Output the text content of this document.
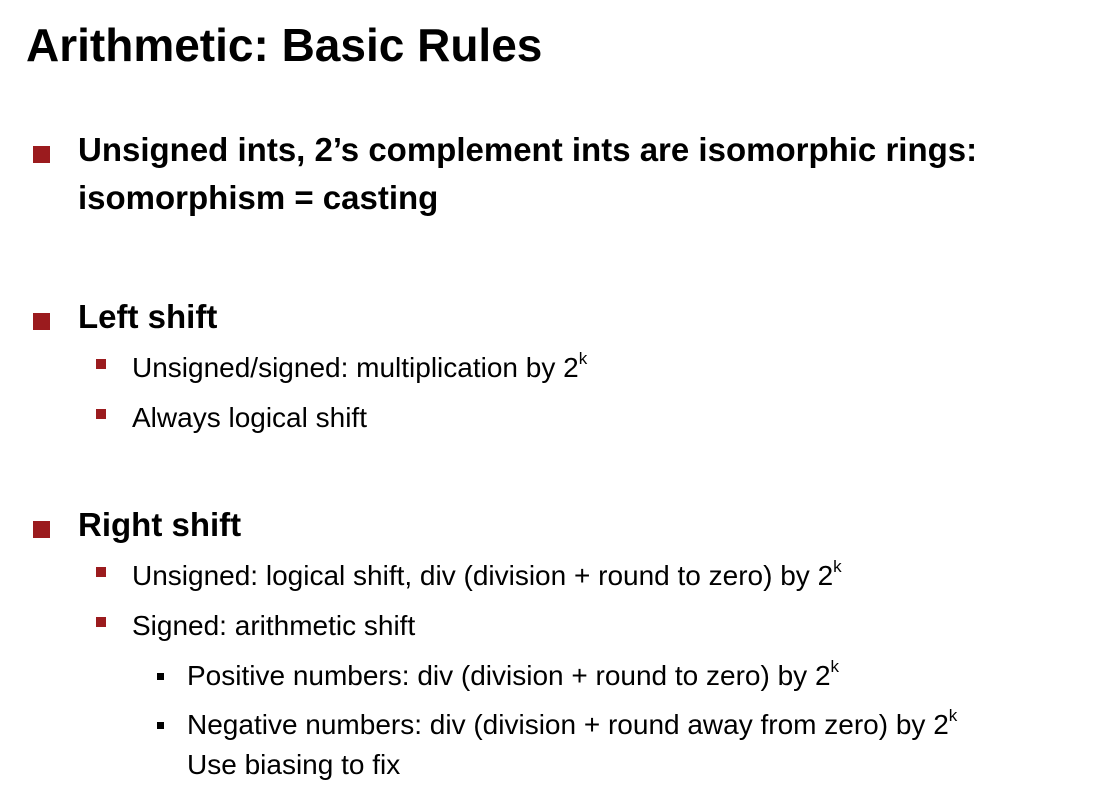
Arithmetic: Basic Rules
Unsigned ints, 2’s complement ints are isomorphic rings:
isomorphism = casting
Left shift
Unsigned/signed: multiplication by 2$^k$
Always logical shift
Right shift
Unsigned: logical shift, div (division + round to zero) by 2$^k$
Signed: arithmetic shift
Positive numbers: div (division + round to zero) by 2$^k$
Negative numbers: div (division + round away from zero) by 2$^k$
Use biasing to fix
